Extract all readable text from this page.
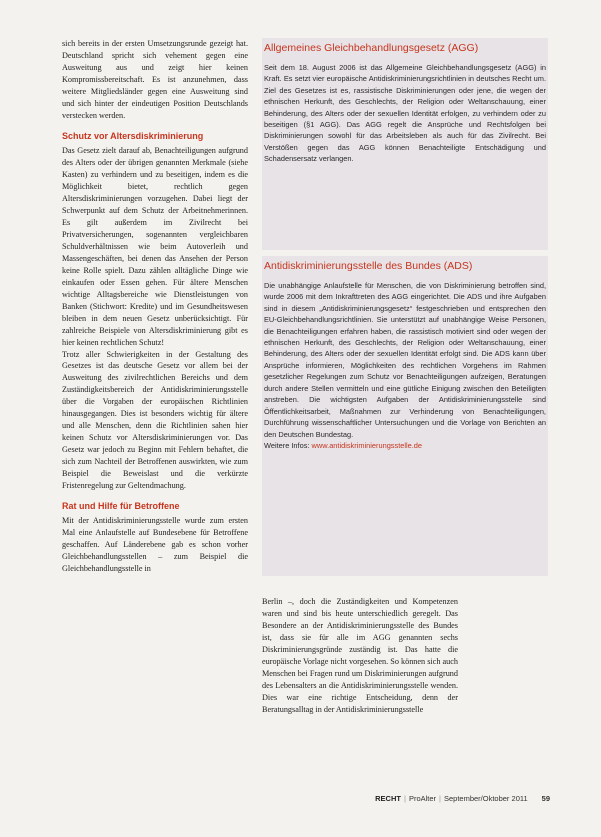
sich bereits in der ersten Umsetzungsrunde gezeigt hat. Deutschland spricht sich vehement gegen eine Ausweitung aus und zeigt hier keinen Kompromissbereitschaft. Es ist anzunehmen, dass weitere Mitgliedsländer gegen eine Ausweitung sind und sich hinter der eindeutigen Position Deutschlands verstecken werden.

Schutz vor Altersdiskriminierung

Das Gesetz zielt darauf ab, Benachteiligungen aufgrund des Alters oder der übrigen genannten Merkmale (siehe Kasten) zu verhindern und zu beseitigen, indem es die Möglichkeit bietet, rechtlich gegen Altersdiskriminierungen vorzugehen. Dabei liegt der Schwerpunkt auf dem Schutz der Arbeitnehmerinnen. Es gilt außerdem im Zivilrecht bei Privatversicherungen, sogenannten vergleichbaren Schuldverhältnissen wie beim Autoverleih und Massengeschäften, bei denen das Ansehen der Person keine Rolle spielt. Dazu zählen alltägliche Dinge wie einkaufen oder Essen gehen. Für ältere Menschen wichtige Alltagsbereiche wie Dienstleistungen von Banken (Stichwort: Kredite) und im Gesundheitswesen bleiben in dem neuen Gesetz unberücksichtigt. Für zahlreiche Beispiele von Altersdiskriminierung gibt es hier keinen rechtlichen Schutz!

Trotz aller Schwierigkeiten in der Gestaltung des Gesetzes ist das deutsche Gesetz vor allem bei der Ausweitung des zivilrechtlichen Bereichs und dem Zuständigkeitsbereich der Antidiskriminierungsstelle über die Vorgaben der europäischen Richtlinien hinausgegangen. Dies ist besonders wichtig für ältere und alle Menschen, denn die Richtlinien sahen hier keinen Schutz vor Altersdiskriminierungen vor. Das Gesetz war jedoch zu Beginn mit Fehlern behaftet, die sich zum Nachteil der Betroffenen auswirkten, wie zum Beispiel die Beweislast und die verkürzte Fristenregelung zur Geltendmachung.

Rat und Hilfe für Betroffene

Mit der Antidiskriminierungsstelle wurde zum ersten Mal eine Anlaufstelle auf Bundesebene für Betroffene geschaffen. Auf Länderebene gab es schon vorher Gleichbehandlungsstellen – zum Beispiel die Gleichbehandlungsstelle in

Allgemeines Gleichbehandlungsgesetz (AGG)

Seit dem 18. August 2006 ist das Allgemeine Gleichbehandlungsgesetz (AGG) in Kraft. Es setzt vier europäische Antidiskriminierungsrichtlinien in deutsches Recht um. Ziel des Gesetzes ist es, rassistische Diskriminierungen oder jene, die wegen der ethnischen Herkunft, des Geschlechts, der Religion oder Weltanschauung, einer Behinderung, des Alters oder der sexuellen Identität erfolgen, zu verhindern oder zu beseitigen (§1 AGG). Das AGG regelt die Ansprüche und Rechtsfolgen bei Diskriminierungen sowohl für das Arbeitsleben als auch für das Zivilrecht. Bei Verstößen gegen das AGG können Benachteiligte Entschädigung und Schadensersatz verlangen.

Antidiskriminierungsstelle des Bundes (ADS)

Die unabhängige Anlaufstelle für Menschen, die von Diskriminierung betroffen sind, wurde 2006 mit dem Inkrafttreten des AGG eingerichtet. Die ADS und ihre Aufgaben sind in diesem „Antidiskriminierungsgesetz“ festgeschrieben und entsprechen den EU-Gleichbehandlungsrichtlinien. Sie unterstützt auf unabhängige Weise Personen, die Benachteiligungen erfahren haben, die rassistisch motiviert sind oder wegen der ethnischen Herkunft, des Geschlechts, der Religion oder Weltanschauung, einer Behinderung, des Alters oder der sexuellen Identität erfolgt sind. Die ADS kann über Ansprüche informieren, Möglichkeiten des rechtlichen Vorgehens im Rahmen gesetzlicher Regelungen zum Schutz vor Benachteiligungen aufzeigen, Beratungen durch andere Stellen vermitteln und eine gütliche Einigung zwischen den Beteiligten anstreben. Die wichtigsten Aufgaben der Antidiskriminierungsstelle sind Öffentlichkeitsarbeit, Maßnahmen zur Verhinderung von Benachteiligungen, Durchführung wissenschaftlicher Untersuchungen und die Vorlage von Berichten an den Deutschen Bundestag.

Weitere Infos: www.antidiskriminierungsstelle.de

Berlin –, doch die Zuständigkeiten und Kompetenzen waren und sind bis heute unterschiedlich geregelt. Das Besondere an der Antidiskriminierungsstelle des Bundes ist, dass sie für alle im AGG genannten sechs Diskriminierungsgründe zuständig ist. Das hatte die europäische Vorlage nicht vorgesehen. So können sich auch Menschen bei Fragen rund um Diskriminierungen aufgrund des Lebensalters an die Antidiskriminierungsstelle wenden. Dies war eine richtige Entscheidung, denn der Beratungsalltag in der Antidiskriminierungsstelle

RECHT | ProAlter | September/Oktober 2011 59
